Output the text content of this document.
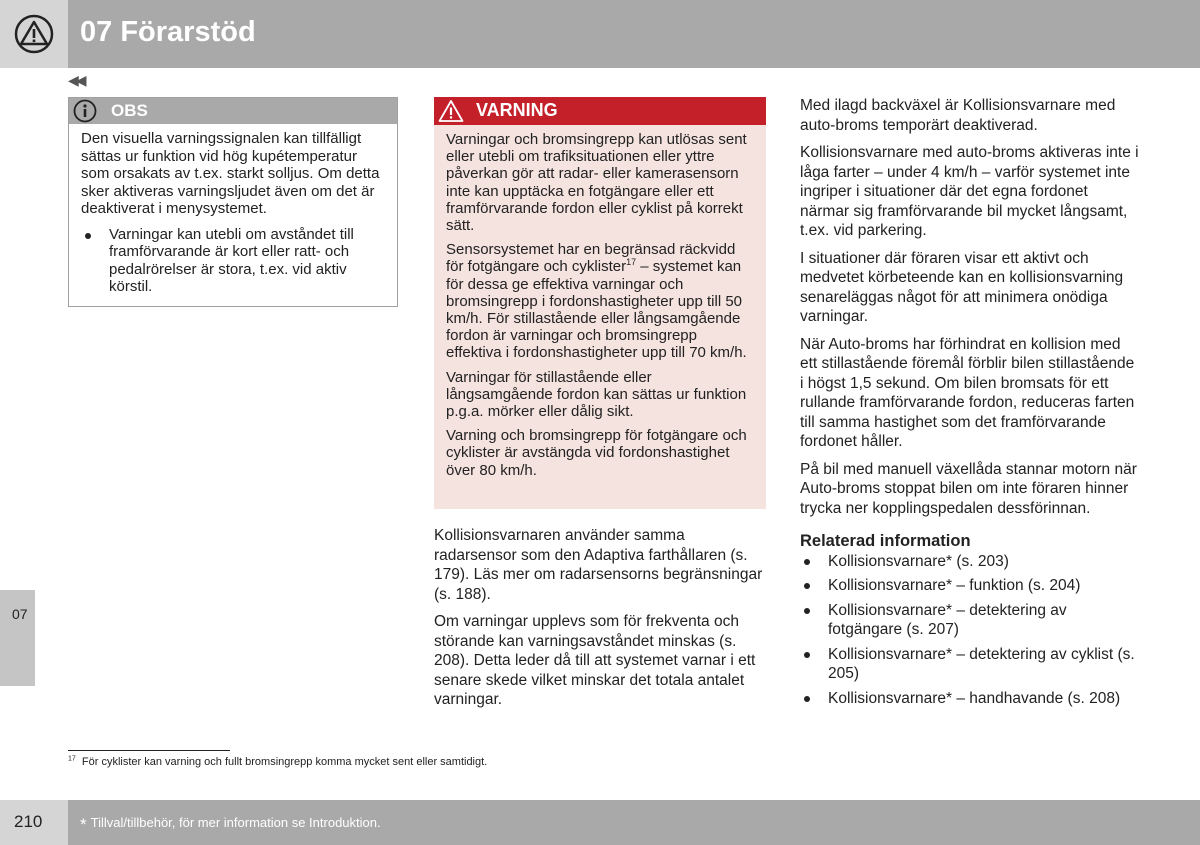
07 Förarstöd
07
◀◀
OBS

Den visuella varningssignalen kan tillfälligt sättas ur funktion vid hög kupétemperatur som orsakats av t.ex. starkt solljus. Om detta sker aktiveras varningsljudet även om det är deaktiverat i menysystemet.

Varningar kan utebli om avståndet till framförvarande är kort eller ratt- och pedalrörelser är stora, t.ex. vid aktiv körstil.
VARNING

Varningar och bromsingrepp kan utlösas sent eller utebli om trafiksituationen eller yttre påverkan gör att radar- eller kamerasensorn inte kan upptäcka en fotgängare eller ett framförvarande fordon eller cyklist på korrekt sätt.

Sensorsystemet har en begränsad räckvidd för fotgängare och cyklister$^{17}$ – systemet kan för dessa ge effektiva varningar och bromsingrepp i fordonshastigheter upp till 50 km/h. För stillastående eller långsamgående fordon är varningar och bromsingrepp effektiva i fordonshastigheter upp till 70 km/h.

Varningar för stillastående eller långsamgående fordon kan sättas ur funktion p.g.a. mörker eller dålig sikt.

Varning och bromsingrepp för fotgängare och cyklister är avstängda vid fordonshastighet över 80 km/h.

Kollisionsvarnaren använder samma radarsensor som den Adaptiva farthållaren (s. 179). Läs mer om radarsensorns begränsningar (s. 188).

Om varningar upplevs som för frekventa och störande kan varningsavståndet minskas (s. 208). Detta leder då till att systemet varnar i ett senare skede vilket minskar det totala antalet varningar.

Med ilagd backväxel är Kollisionsvarnare med auto-broms temporärt deaktiverad.

Kollisionsvarnare med auto-broms aktiveras inte i låga farter – under 4 km/h – varför systemet inte ingriper i situationer där det egna fordonet närmar sig framförvarande bil mycket långsamt, t.ex. vid parkering.

I situationer där föraren visar ett aktivt och medvetet körbeteende kan en kollisionsvarning senareläggas något för att minimera onödiga varningar.

När Auto-broms har förhindrat en kollision med ett stillastående föremål förblir bilen stillastående i högst 1,5 sekund. Om bilen bromsats för ett rullande framförvarande fordon, reduceras farten till samma hastighet som det framförvarande fordonet håller.

På bil med manuell växellåda stannar motorn när Auto-broms stoppat bilen om inte föraren hinner trycka ner kopplingspedalen dessförinnan.

Relaterad information
Kollisionsvarnare* (s. 203)
Kollisionsvarnare* – funktion (s. 204)
Kollisionsvarnare* – detektering av fotgängare (s. 207)
Kollisionsvarnare* – detektering av cyklist (s. 205)
Kollisionsvarnare* – handhavande (s. 208)
$^{17}$ För cyklister kan varning och fullt bromsingrepp komma mycket sent eller samtidigt.
210 * Tillval/tillbehör, för mer information se Introduktion.
